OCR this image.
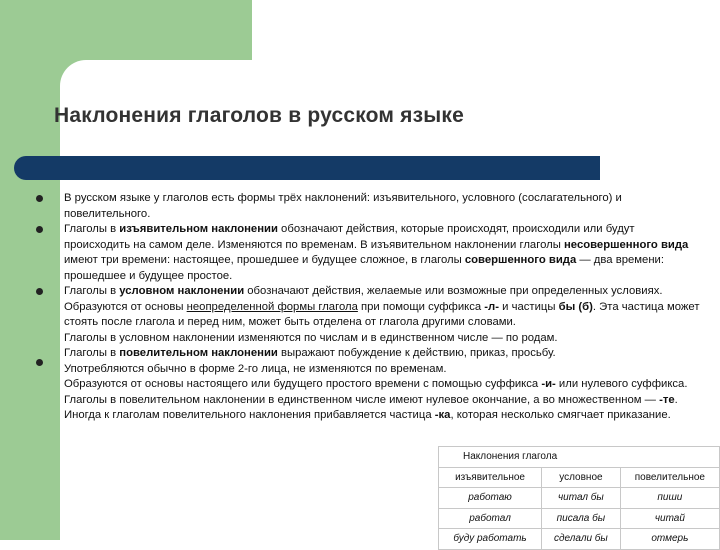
Наклонения глаголов в русском языке

В русском языке у глаголов есть формы трёх наклонений: изъявительного, условного (сослагательного) и повелительного.

Глаголы в изъявительном наклонении обозначают действия, которые происходят, происходили или будут происходить на самом деле. Изменяются по временам. В изъявительном наклонении глаголы несовершенного вида имеют три времени: настоящее, прошедшее и будущее сложное, в глаголы совершенного вида — два времени: прошедшее и будущее простое.

Глаголы в условном наклонении обозначают действия, желаемые или возможные при определенных условиях. Образуются от основы неопределенной формы глагола при помощи суффикса -л- и частицы бы (б). Эта частица может стоять после глагола и перед ним, может быть отделена от глагола другими словами.

Глаголы в условном наклонении изменяются по числам и в единственном числе — по родам.

Глаголы в повелительном наклонении выражают побуждение к действию, приказ, просьбу.

Употребляются обычно в форме 2-го лица, не изменяются по временам.

Образуются от основы настоящего или будущего простого времени с помощью суффикса -и- или нулевого суффикса. Глаголы в повелительном наклонении в единственном числе имеют нулевое окончание, а во множественном — -те.

Иногда к глаголам повелительного наклонения прибавляется частица -ка, которая несколько смягчает приказание.

Наклонения глагола		
изъявительное	условное	повелительное
работаю	читал бы	пиши
работал	писала бы	читай
буду работать	сделали бы	отмерь
